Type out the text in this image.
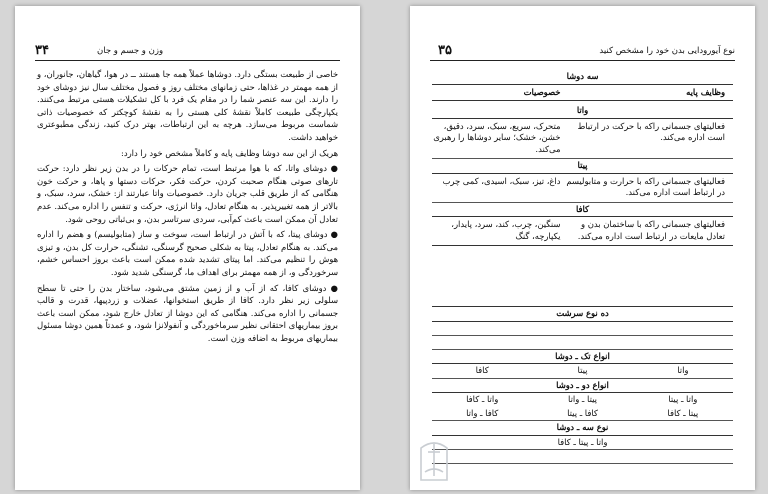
۳۴	وزن و جسم و جان

خاصی از طبیعت بستگی دارد. دوشاها عملاً همه جا هستند ــ در هوا، گیاهان، جانوران، و از همه مهمتر در غذاها، حتی زمانهای مختلف روز و فصول مختلف سال نیز دوشای خود را دارند. این سه عنصر شما را در مقام یک فرد با کل تشکیلات هستی مرتبط می‌کنند. یکپارچگی طبیعت کاملاً نقشهٔ کلی هستی را به نقشهٔ کوچکتر که خصوصیات ذاتی شماست مربوط می‌سازد. هرچه به این ارتباطات، بهتر درک کنید، زندگی مطبوعتری خواهید داشت.

هریک از این سه دوشا وظایف پایه و کاملاً مشخص خود را دارد:

● دوشای واتا، که با هوا مرتبط است، تمام حرکات را در بدن زیر نظر دارد: حرکت تارهای صوتی هنگام صحبت کردن، حرکت فکر، حرکات دستها و پاها، و حرکت خون هنگامی که از طریق قلب جریان دارد. خصوصیات واتا عبارتند از: خشک، سرد، سبک، و بالاتر از همه تغییرپذیر. به هنگام تعادل، واتا انرژی، حرکت و تنفس را اداره می‌کند. عدم تعادل آن ممکن است باعث کم‌آبی، سردی سرتاسر بدن، و بی‌ثباتی روحی شود.

● دوشای پیتا، که با آتش در ارتباط است، سوخت و ساز (متابولیسم) و هضم را اداره می‌کند. به هنگام تعادل، پیتا به شکلی صحیح گرسنگی، تشنگی، حرارت کل بدن، و تیزی هوش را تنظیم می‌کند. اما پیتای تشدید شده ممکن است باعث بروز احساس خشم، سرخوردگی و، از همه مهمتر برای اهداف ما، گرسنگی شدید شود.

● دوشای کافا، که از آب و از زمین مشتق می‌شود، ساختار بدن را حتی تا سطح سلولی زیر نظر دارد. کافا از طریق استخوانها، عضلات و زردپیها، قدرت و قالب جسمانی را اداره می‌کند. هنگامی که این دوشا از تعادل خارج شود، ممکن است باعث بروز بیماریهای احتقانی نظیر سرماخوردگی و آنفولانزا شود، و عمدتاً همین دوشا مسئول بیماریهای مربوط به اضافه وزن است.

۳۵	نوع آیورودایی بدن خود را مشخص کنید
سه دوشا
وظایف پایه
خصوصیات
واتا
فعالیتهای جسمانی راکه با حرکت در ارتباط است اداره می‌کند.
متحرک، سریع، سبک، سرد، دقیق، خشن، خشک؛ سایر دوشاها را رهبری می‌کند.
پیتا
فعالیتهای جسمانی راکه با حرارت و متابولیسم در ارتباط است اداره می‌کند.
داغ، تیز، سبک، اسیدی، کمی چرب
کافا
فعالیتهای جسمانی راکه با ساختمان بدن و تعادل مایعات در ارتباط است اداره می‌کند.
سنگین، چرب، کند، سرد، پایدار، یکپارچه، گنگ
ده نوع سرشت
انواع تک ـ دوشا
واتا
پیتا
کافا
انواع دو ـ دوشا
واتا ـ پیتا
پیتا ـ واتا
واتا ـ کافا
پیتا ـ کافا
کافا ـ پیتا
کافا ـ واتا
نوع سه ـ دوشا
واتا ـ پیتا ـ کافا
